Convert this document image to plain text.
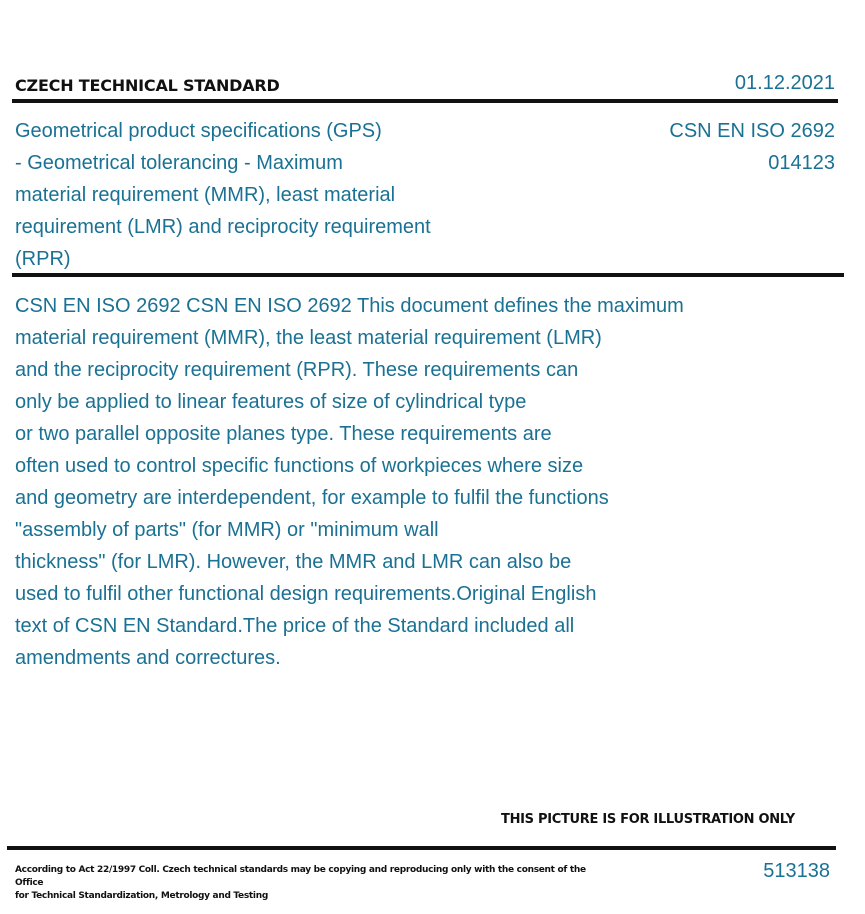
CZECH TECHNICAL STANDARD	01.12.2021
Geometrical product specifications (GPS)
- Geometrical tolerancing - Maximum
material requirement (MMR), least material
requirement (LMR) and reciprocity requirement
(RPR)
CSN EN ISO 2692
014123
CSN EN ISO 2692 CSN EN ISO 2692 This document defines the maximum
material requirement (MMR), the least material requirement (LMR)
and the reciprocity requirement (RPR). These requirements can
only be applied to linear features of size of cylindrical type
or two parallel opposite planes type. These requirements are
often used to control specific functions of workpieces where size
and geometry are interdependent, for example to fulfil the functions
"assembly of parts" (for MMR) or "minimum wall
thickness" (for LMR). However, the MMR and LMR can also be
used to fulfil other functional design requirements.Original English
text of CSN EN Standard.The price of the Standard included all
amendments and correctures.
THIS PICTURE IS FOR ILLUSTRATION ONLY
According to Act 22/1997 Coll. Czech technical standards may be copying and reproducing only with the consent of the Office
for Technical Standardization, Metrology and Testing
513138
